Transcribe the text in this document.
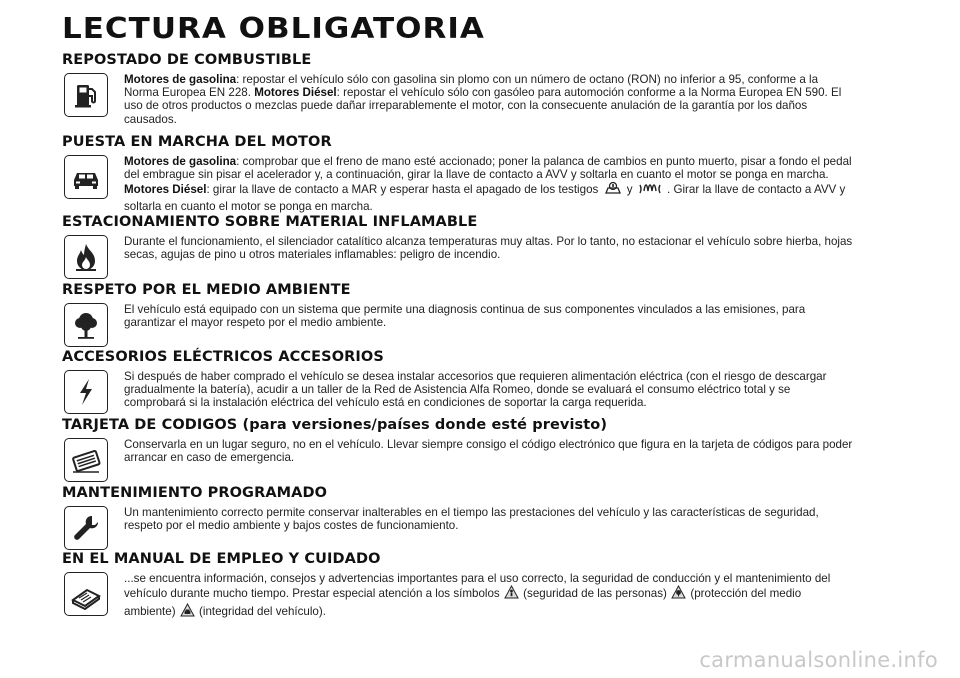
LECTURA OBLIGATORIA
REPOSTADO DE COMBUSTIBLE
Motores de gasolina: repostar el vehículo sólo con gasolina sin plomo con un número de octano (RON) no inferior a 95, conforme a la Norma Europea EN 228. Motores Diésel: repostar el vehículo sólo con gasóleo para automoción conforme a la Norma Europea EN 590. El uso de otros productos o mezclas puede dañar irreparablemente el motor, con la consecuente anulación de la garantía por los daños causados.
PUESTA EN MARCHA DEL MOTOR
Motores de gasolina: comprobar que el freno de mano esté accionado; poner la palanca de cambios en punto muerto, pisar a fondo el pedal del embrague sin pisar el acelerador y, a continuación, girar la llave de contacto a AVV y soltarla en cuanto el motor se ponga en marcha. Motores Diésel: girar la llave de contacto a MAR y esperar hasta el apagado de los testigos  y  . Girar la llave de contacto a AVV y soltarla en cuanto el motor se ponga en marcha.
ESTACIONAMIENTO SOBRE MATERIAL INFLAMABLE
Durante el funcionamiento, el silenciador catalítico alcanza temperaturas muy altas. Por lo tanto, no estacionar el vehículo sobre hierba, hojas secas, agujas de pino u otros materiales inflamables: peligro de incendio.
RESPETO POR EL MEDIO AMBIENTE
El vehículo está equipado con un sistema que permite una diagnosis continua de sus componentes vinculados a las emisiones, para garantizar el mayor respeto por el medio ambiente.
ACCESORIOS ELÉCTRICOS ACCESORIOS
Si después de haber comprado el vehículo se desea instalar accesorios que requieren alimentación eléctrica (con el riesgo de descargar gradualmente la batería), acudir a un taller de la Red de Asistencia Alfa Romeo, donde se evaluará el consumo eléctrico total y se comprobará si la instalación eléctrica del vehículo está en condiciones de soportar la carga requerida.
TARJETA DE CODIGOS (para versiones/países donde esté previsto)
Conservarla en un lugar seguro, no en el vehículo. Llevar siempre consigo el código electrónico que figura en la tarjeta de códigos para poder arrancar en caso de emergencia.
MANTENIMIENTO PROGRAMADO
Un mantenimiento correcto permite conservar inalterables en el tiempo las prestaciones del vehículo y las características de seguridad, respeto por el medio ambiente y bajos costes de funcionamiento.
EN EL MANUAL DE EMPLEO Y CUIDADO
...se encuentra información, consejos y advertencias importantes para el uso correcto, la seguridad de conducción y el mantenimiento del vehículo durante mucho tiempo. Prestar especial atención a los símbolos  (seguridad de las personas)  (protección del medio ambiente)  (integridad del vehículo).
carmanualsonline.info
